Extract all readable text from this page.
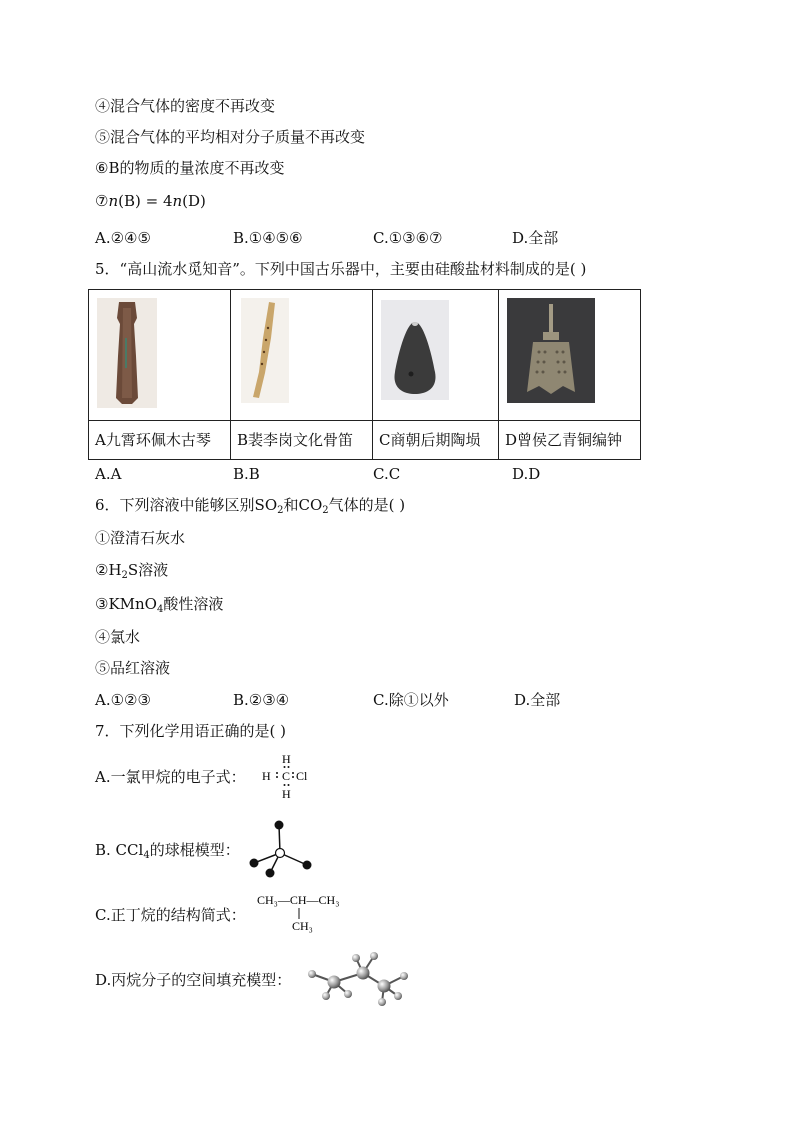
④混合气体的密度不再改变
⑤混合气体的平均相对分子质量不再改变
⑥B的物质的量浓度不再改变
⑦n(B) = 4n(D)
A.②④⑤	B.①④⑤⑥	C.①③⑥⑦	D.全部
5．“高山流水觅知音”。下列中国古乐器中，主要由硅酸盐材料制成的是( )

A九霄环佩木古琴	B裴李岗文化骨笛	C商朝后期陶埙	D曾侯乙青铜编钟
A.A	B.B	C.C	D.D
6．下列溶液中能够区别$SO_2$和$CO_2$气体的是( )
①澄清石灰水
$②H_2S$溶液
③KMnO$_4$酸性溶液
④氯水
⑤品红溶液
A.①②③	B.②③④	C.除①以外	D.全部
7．下列化学用语正确的是( )
A.一氯甲烷的电子式：
H
H C Cl
H
B. CCl$_4$的球棍模型：
C.正丁烷的结构简式：
CH₃—CH—CH₃
CH₃
D.丙烷分子的空间填充模型：
